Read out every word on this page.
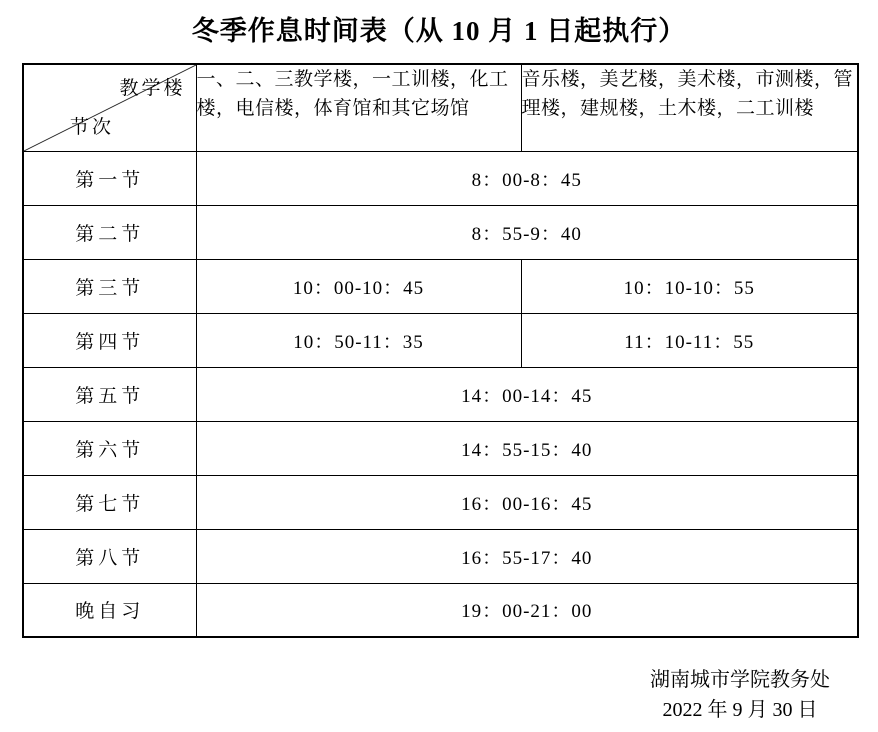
冬季作息时间表（从 10 月 1 日起执行）
教学楼
节次	一、二、三教学楼，一工训楼，化工楼，电信楼，体育馆和其它场馆	音乐楼，美艺楼，美术楼，市测楼，管理楼，建规楼，土木楼，二工训楼
第一节	8：00-8：45	
第二节	8：55-9：40	
第三节	10：00-10：45	10：10-10：55
第四节	10：50-11：35	11：10-11：55
第五节	14：00-14：45	
第六节	14：55-15：40	
第七节	16：00-16：45	
第八节	16：55-17：40	
晚自习	19：00-21：00	
湖南城市学院教务处
2022 年 9 月 30 日
